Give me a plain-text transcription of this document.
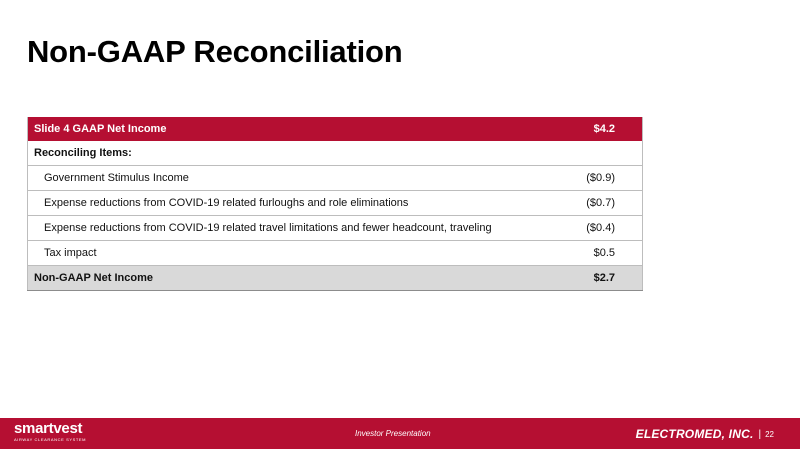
Non-GAAP Reconciliation
Slide 4 GAAP Net Income	$4.2
Reconciling Items:	
Government Stimulus Income	($0.9)
Expense reductions from COVID-19 related furloughs and role eliminations	($0.7)
Expense reductions from COVID-19 related travel limitations and fewer headcount, traveling	($0.4)
Tax impact	$0.5
Non-GAAP Net Income	$2.7
smartvest
AIRWAY CLEARANCE SYSTEM
Investor Presentation	ELECTROMED, INC. | 22
